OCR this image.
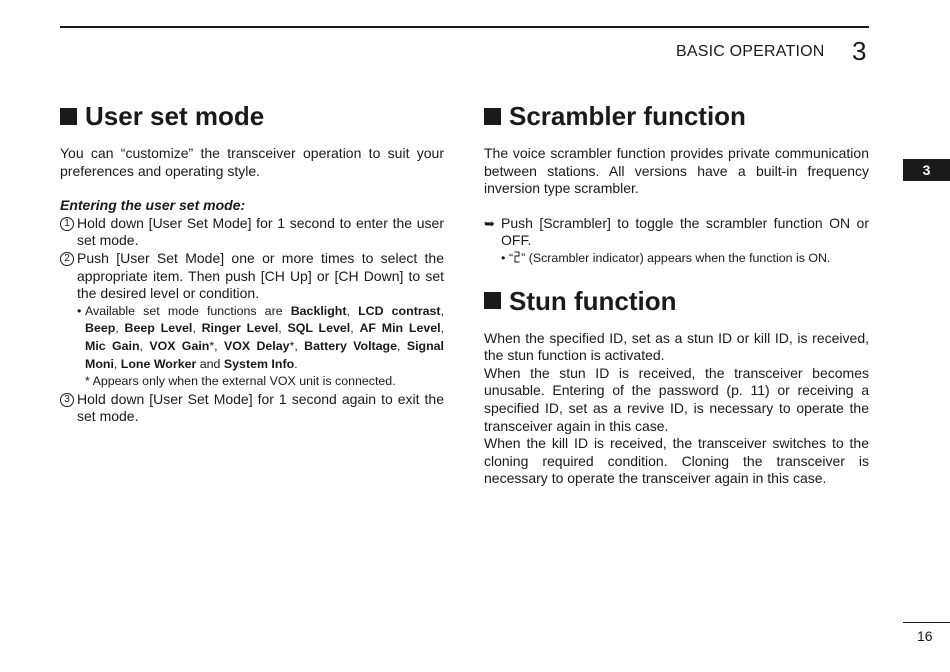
BASIC OPERATION 3
3
User set mode

You can “customize” the transceiver operation to suit your preferences and operating style.

Entering the user set mode:
1 Hold down [User Set Mode] for 1 second to enter the user set mode.
2 Push [User Set Mode] one or more times to select the appropriate item. Then push [CH Up] or [CH Down] to set the desired level or condition.
• Available set mode functions are Backlight, LCD contrast, Beep, Beep Level, Ringer Level, SQL Level, AF Min Level, Mic Gain, VOX Gain*, VOX Delay*, Battery Voltage, Signal Moni, Lone Worker and System Info.
* Appears only when the external VOX unit is connected.
3 Hold down [User Set Mode] for 1 second again to exit the set mode.
Scrambler function

The voice scrambler function provides private communication between stations. All versions have a built-in frequency inversion type scrambler.

➥ Push [Scrambler] to toggle the scrambler function ON or OFF.
• “ ” (Scrambler indicator) appears when the function is ON.
Stun function

When the specified ID, set as a stun ID or kill ID, is received, the stun function is activated.

When the stun ID is received, the transceiver becomes unusable. Entering of the password (p. 11) or receiving a specified ID, set as a revive ID, is necessary to operate the transceiver again in this case.

When the kill ID is received, the transceiver switches to the cloning required condition. Cloning the transceiver is necessary to operate the transceiver again in this case.

16
